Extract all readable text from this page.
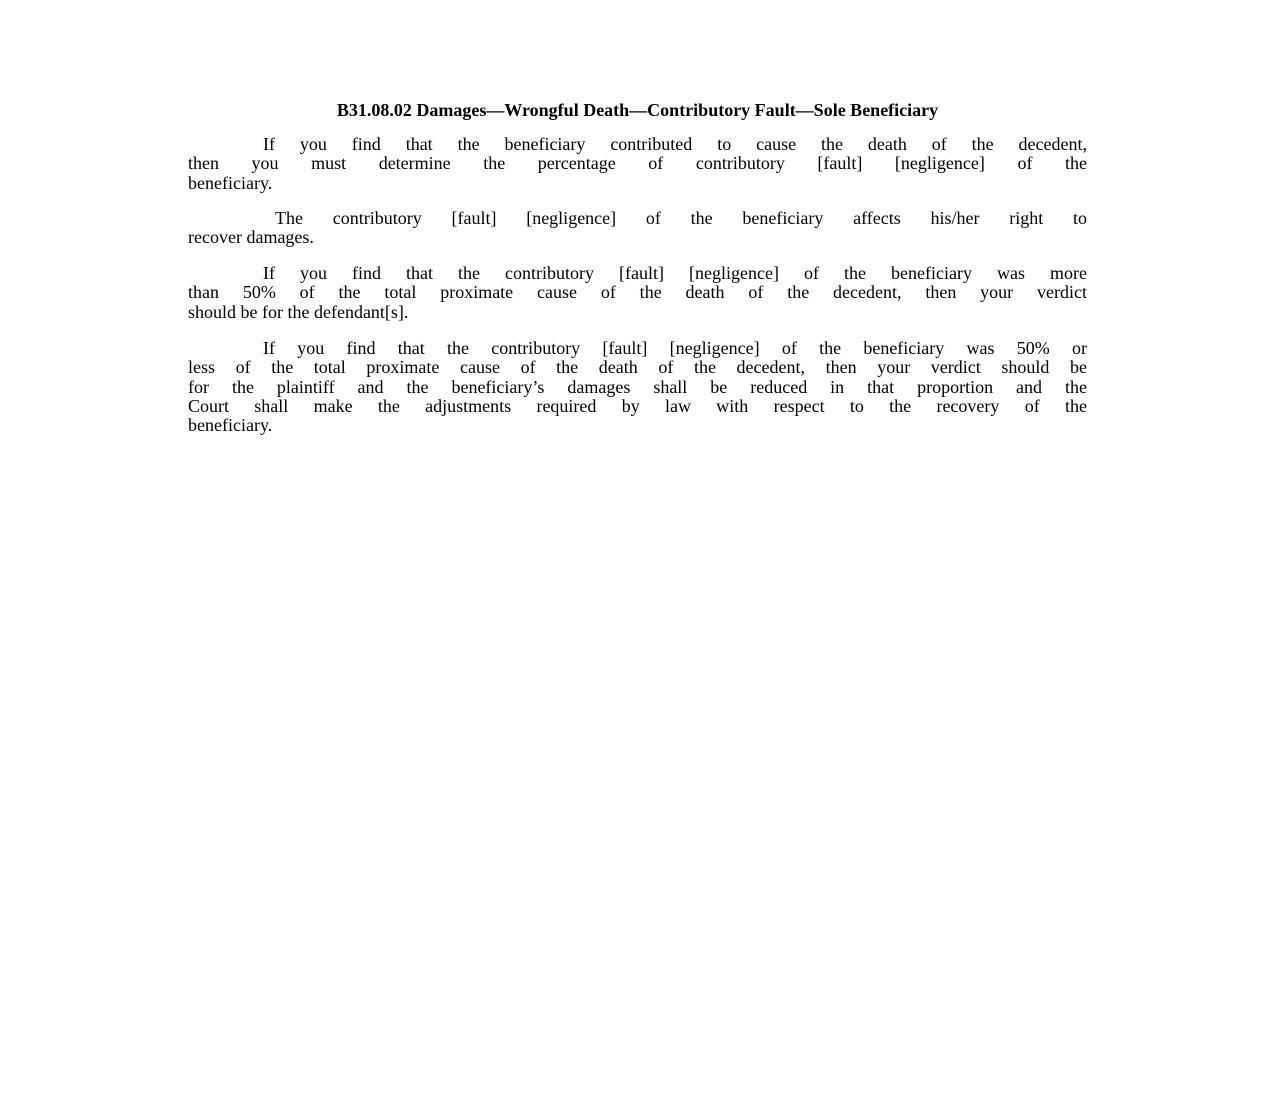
B31.08.02 Damages—Wrongful Death—Contributory Fault—Sole Beneficiary
If you find that the beneficiary contributed to cause the death of the decedent,
then you must determine the percentage of contributory [fault] [negligence] of the
beneficiary.
The contributory [fault] [negligence] of the beneficiary affects his/her right to
recover damages.
If you find that the contributory [fault] [negligence] of the beneficiary was more
than 50% of the total proximate cause of the death of the decedent, then your verdict
should be for the defendant[s].
If you find that the contributory [fault] [negligence] of the beneficiary was 50% or
less of the total proximate cause of the death of the decedent, then your verdict should be
for the plaintiff and the beneficiary’s damages shall be reduced in that proportion and the
Court shall make the adjustments required by law with respect to the recovery of the
beneficiary.
